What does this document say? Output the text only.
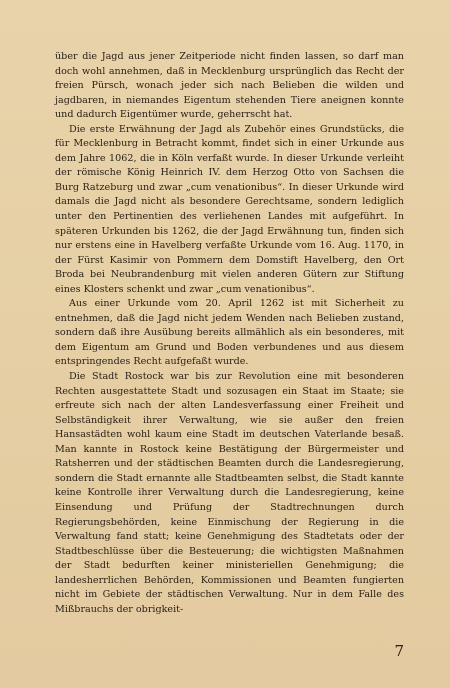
über die Jagd aus jener Zeitperiode nicht finden lassen, so darf man doch wohl annehmen, daß in Mecklenburg ursprünglich das Recht der freien Pürsch, wonach jeder sich nach Belieben die wilden und jagdbaren, in niemandes Eigentum stehenden Tiere aneignen konnte und dadurch Eigentümer wurde, geherrscht hat.

Die erste Erwähnung der Jagd als Zubehör eines Grundstücks, die für Mecklenburg in Betracht kommt, findet sich in einer Urkunde aus dem Jahre 1062, die in Köln verfaßt wurde. In dieser Urkunde verleiht der römische König Heinrich IV. dem Herzog Otto von Sachsen die Burg Ratzeburg und zwar „cum venationibus“. In dieser Urkunde wird damals die Jagd nicht als besondere Gerechtsame, sondern lediglich unter den Pertinentien des verliehenen Landes mit aufgeführt. In späteren Urkunden bis 1262, die der Jagd Erwähnung tun, finden sich nur erstens eine in Havelberg verfaßte Urkunde vom 16. Aug. 1170, in der Fürst Kasimir von Pommern dem Domstift Havelberg, den Ort Broda bei Neubrandenburg mit vielen anderen Gütern zur Stiftung eines Klosters schenkt und zwar „cum venationibus“.

Aus einer Urkunde vom 20. April 1262 ist mit Sicherheit zu entnehmen, daß die Jagd nicht jedem Wenden nach Belieben zustand, sondern daß ihre Ausübung bereits allmählich als ein besonderes, mit dem Eigentum am Grund und Boden verbundenes und aus diesem entspringendes Recht aufgefaßt wurde.

Die Stadt Rostock war bis zur Revolution eine mit besonderen Rechten ausgestattete Stadt und sozusagen ein Staat im Staate; sie erfreute sich nach der alten Landesverfassung einer Freiheit und Selbständigkeit ihrer Verwaltung, wie sie außer den freien Hansastädten wohl kaum eine Stadt im deutschen Vaterlande besaß. Man kannte in Rostock keine Bestätigung der Bürgermeister und Ratsherren und der städtischen Beamten durch die Landesregierung, sondern die Stadt ernannte alle Stadtbeamten selbst, die Stadt kannte keine Kontrolle ihrer Verwaltung durch die Landesregierung, keine Einsendung und Prüfung der Stadtrechnungen durch Regierungsbehörden, keine Einmischung der Regierung in die Verwaltung fand statt; keine Genehmigung des Stadtetats oder der Stadtbeschlüsse über die Besteuerung; die wichtigsten Maßnahmen der Stadt bedurften keiner ministeriellen Genehmigung; die landesherrlichen Behörden, Kommissionen und Beamten fungierten nicht im Gebiete der städtischen Verwaltung. Nur in dem Falle des Mißbrauchs der obrigkeit-

7
